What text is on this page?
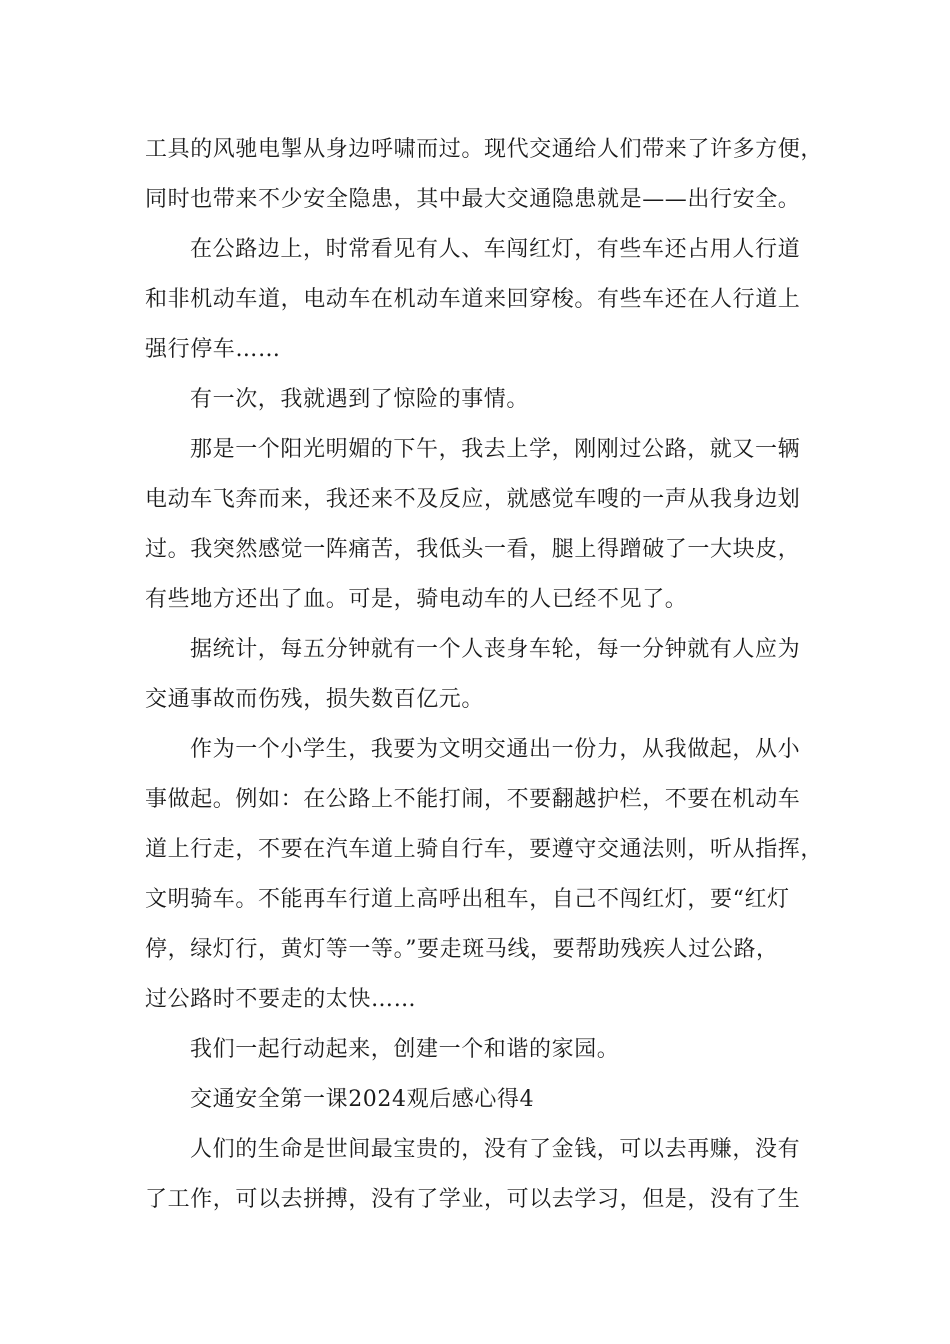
工具的风驰电掣从身边呼啸而过。现代交通给人们带来了许多方便，
同时也带来不少安全隐患，其中最大交通隐患就是——出行安全。
在公路边上，时常看见有人、车闯红灯，有些车还占用人行道
和非机动车道，电动车在机动车道来回穿梭。有些车还在人行道上
强行停车……
有一次，我就遇到了惊险的事情。
那是一个阳光明媚的下午，我去上学，刚刚过公路，就又一辆
电动车飞奔而来，我还来不及反应，就感觉车嗖的一声从我身边划
过。我突然感觉一阵痛苦，我低头一看，腿上得蹭破了一大块皮，
有些地方还出了血。可是，骑电动车的人已经不见了。
据统计，每五分钟就有一个人丧身车轮，每一分钟就有人应为
交通事故而伤残，损失数百亿元。
作为一个小学生，我要为文明交通出一份力，从我做起，从小
事做起。例如：在公路上不能打闹，不要翻越护栏，不要在机动车
道上行走，不要在汽车道上骑自行车，要遵守交通法则，听从指挥，
文明骑车。不能再车行道上高呼出租车，自己不闯红灯，要“红灯
停，绿灯行，黄灯等一等。”要走斑马线，要帮助残疾人过公路，
过公路时不要走的太快……
我们一起行动起来，创建一个和谐的家园。
交通安全第一课2024观后感心得4
人们的生命是世间最宝贵的，没有了金钱，可以去再赚，没有
了工作，可以去拼搏，没有了学业，可以去学习，但是，没有了生
